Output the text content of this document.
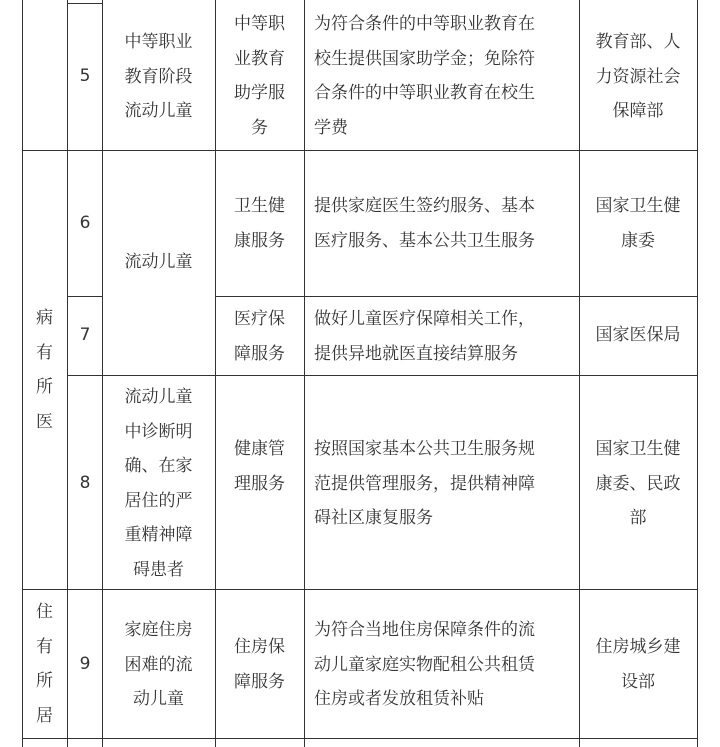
5
中等职业
教育阶段
流动儿童
中等职
业教育
助学服
务
为符合条件的中等职业教育在
校生提供国家助学金；免除符
合条件的中等职业教育在校生
学费
教育部、人
力资源社会
保障部
病
有
所
医
6
流动儿童
卫生健
康服务
提供家庭医生签约服务、基本
医疗服务、基本公共卫生服务
国家卫生健
康委
7
医疗保
障服务
做好儿童医疗保障相关工作，
提供异地就医直接结算服务
国家医保局
8
流动儿童
中诊断明
确、在家
居住的严
重精神障
碍患者
健康管
理服务
按照国家基本公共卫生服务规
范提供管理服务，提供精神障
碍社区康复服务
国家卫生健
康委、民政
部
住
有
所
居
9
家庭住房
困难的流
动儿童
住房保
障服务
为符合当地住房保障条件的流
动儿童家庭实物配租公共租赁
住房或者发放租赁补贴
住房城乡建
设部
